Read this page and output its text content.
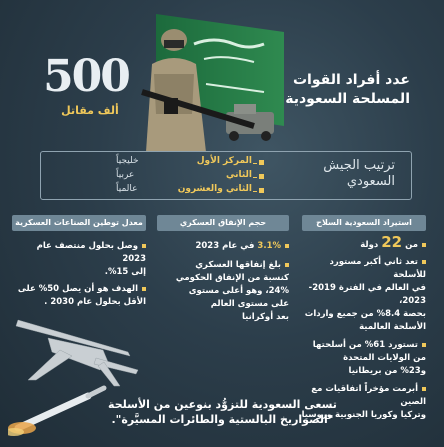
500
ألف مقاتل
عدد أفراد القوات
المسلحة السعودية
ترتيب الجيش
السعودي
المركز الأول
خليجياً
الثاني
عربياً
الثاني والعشرون
عالمياً
استيراد السعودية السلاح
حجم الإنفاق العسكري
معدل توطين الصناعات العسكرية
من 22 دولة
تعد ثاني أكبر مستورد للأسلحة
في العالم في الفترة 2019-2023،
بحصة 8.4% من جميع واردات
الأسلحة العالمية
تستورد 61% من أسلحتها
من الولايات المتحدة
و23% من بريطانيا
أبرمت مؤخراً اتفاقيات مع الصين
وتركيا وكوريا الجنوبية وروسيا
3.1% في عام 2023
بلغ إنفاقها العسكري
كنسبة من الإنفاق الحكومي
24%، وهو أعلى مستوى
على مستوى العالم
بعد أوكرانيا
وصل بحلول منتصف عام 2023
إلى 15%.
الهدف هو أن يصل 50% على
الأقل بحلول عام 2030 .
تسعى السعودية للتزوُّد بنوعين من الأسلحة
"الصواريخ البالستية والطائرات المسيَّرة".
